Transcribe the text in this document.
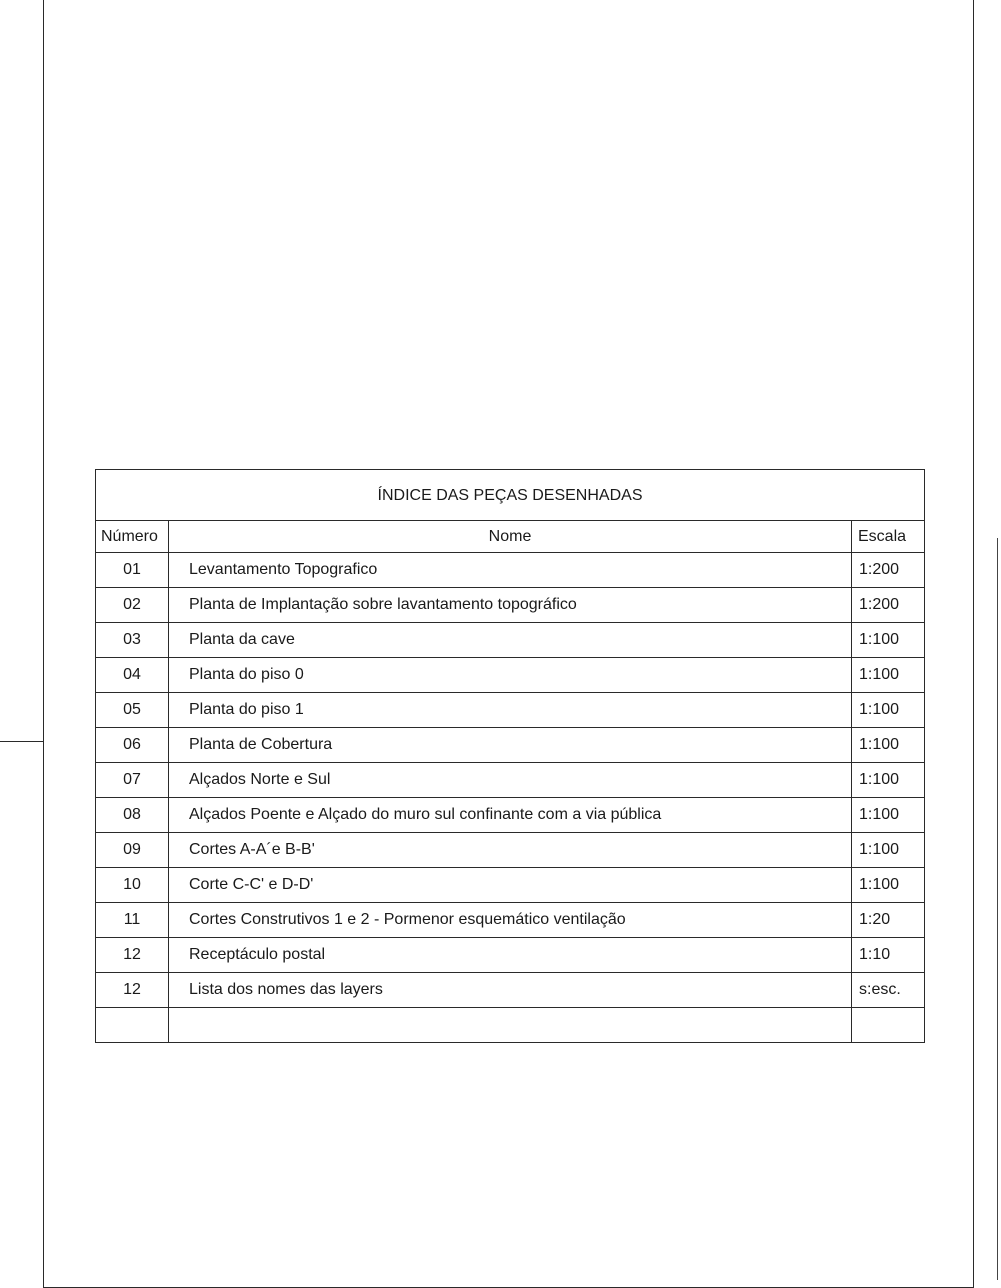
ÍNDICE DAS PEÇAS DESENHADAS		
Número	Nome	Escala
01	Levantamento Topografico	1:200
02	Planta de Implantação sobre lavantamento topográfico	1:200
03	Planta da cave	1:100
04	Planta do piso 0	1:100
05	Planta do piso 1	1:100
06	Planta de Cobertura	1:100
07	Alçados Norte e Sul	1:100
08	Alçados Poente e Alçado do muro sul confinante com a via pública	1:100
09	Cortes A-A´e B-B'	1:100
10	Corte C-C' e D-D'	1:100
11	Cortes Construtivos 1 e 2 - Pormenor esquemático ventilação	1:20
12	Receptáculo postal	1:10
12	Lista dos nomes das layers	s:esc.
